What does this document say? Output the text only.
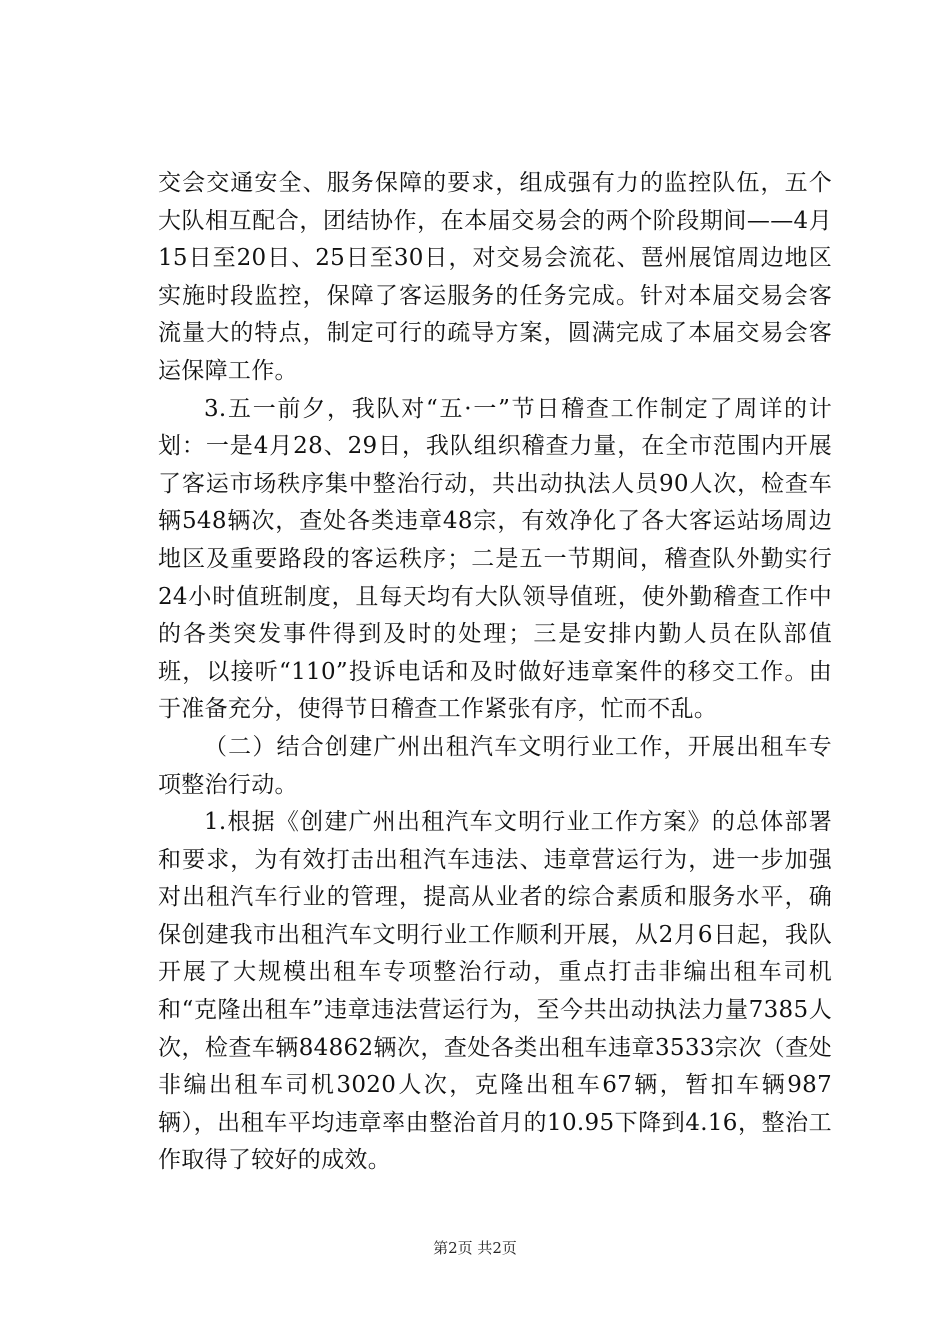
交会交通安全、服务保障的要求，组成强有力的监控队伍，五个大队相互配合，团结协作，在本届交易会的两个阶段期间——4月15日至20日、25日至30日，对交易会流花、琶州展馆周边地区实施时段监控，保障了客运服务的任务完成。针对本届交易会客流量大的特点，制定可行的疏导方案，圆满完成了本届交易会客运保障工作。

3.五一前夕，我队对“五·一”节日稽查工作制定了周详的计划：一是4月28、29日，我队组织稽查力量，在全市范围内开展了客运市场秩序集中整治行动，共出动执法人员90人次，检查车辆548辆次，查处各类违章48宗，有效净化了各大客运站场周边地区及重要路段的客运秩序；二是五一节期间，稽查队外勤实行24小时值班制度，且每天均有大队领导值班，使外勤稽查工作中的各类突发事件得到及时的处理；三是安排内勤人员在队部值班，以接听“110”投诉电话和及时做好违章案件的移交工作。由于准备充分，使得节日稽查工作紧张有序，忙而不乱。

（二）结合创建广州出租汽车文明行业工作，开展出租车专项整治行动。

1.根据《创建广州出租汽车文明行业工作方案》的总体部署和要求，为有效打击出租汽车违法、违章营运行为，进一步加强对出租汽车行业的管理，提高从业者的综合素质和服务水平，确保创建我市出租汽车文明行业工作顺利开展，从2月6日起，我队开展了大规模出租车专项整治行动，重点打击非编出租车司机和“克隆出租车”违章违法营运行为，至今共出动执法力量7385人次，检查车辆84862辆次，查处各类出租车违章3533宗次（查处非编出租车司机3020人次，克隆出租车67辆，暂扣车辆987辆），出租车平均违章率由整治首月的10.95下降到4.16，整治工作取得了较好的成效。

第2页 共2页
